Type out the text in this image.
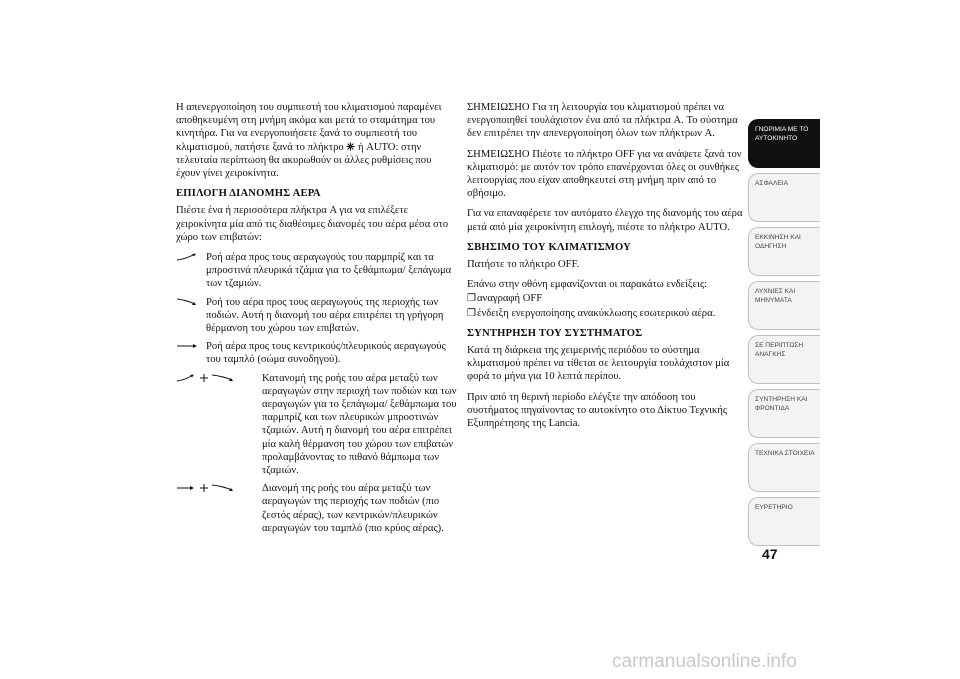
Η απενεργοποίηση του συμπιεστή του κλιματισμού παραμένει αποθηκευμένη στη μνήμη ακόμα και μετά το σταμάτημα του κινητήρα. Για να ενεργοποιήσετε ξανά το συμπιεστή του κλιματισμού, πατήστε ξανά το πλήκτρο ή AUTO: στην τελευταία περίπτωση θα ακυρωθούν οι άλλες ρυθμίσεις που έχουν γίνει χειροκίνητα.

ΕΠΙΛΟΓΗ ΔΙΑΝΟΜΗΣ ΑΕΡΑ

Πιέστε ένα ή περισσότερα πλήκτρα A για να επιλέξετε χειροκίνητα μία από τις διαθέσιμες διανομές του αέρα μέσα στο χώρο των επιβατών:

Ροή αέρα προς τους αεραγωγούς του παρμπρίζ και τα μπροστινά πλευρικά τζάμια για το ξεθάμπωμα/ ξεπάγωμα των τζαμιών.
Ροή του αέρα προς τους αεραγωγούς της περιοχής των ποδιών. Αυτή η διανομή του αέρα επιτρέπει τη γρήγορη θέρμανση του χώρου των επιβατών.
Ροή αέρα προς τους κεντρικούς/πλευρικούς αεραγωγούς του ταμπλό (σώμα συνοδηγού).
Κατανομή της ροής του αέρα μεταξύ των αεραγωγών στην περιοχή των ποδιών και των αεραγωγών για το ξεπάγωμα/ ξεθάμπωμα του παρμπρίζ και των πλευρικών μπροστινών τζαμιών. Αυτή η διανομή του αέρα επιτρέπει μία καλή θέρμανση του χώρου των επιβατών προλαμβάνοντας το πιθανό θάμπωμα των τζαμιών.
Διανομή της ροής του αέρα μεταξύ των αεραγωγών της περιοχής των ποδιών (πιο ζεστός αέρας), των κεντρικών/πλευρικών αεραγωγών του ταμπλό (πιο κρύος αέρας).

ΣΗΜΕΙΩΣΗΟ Για τη λειτουργία του κλιματισμού πρέπει να ενεργοποιηθεί τουλάχιστον ένα από τα πλήκτρα A. Το σύστημα δεν επιτρέπει την απενεργοποίηση όλων των πλήκτρων A.

ΣΗΜΕΙΩΣΗΟ Πιέστε το πλήκτρο OFF για να ανάψετε ξανά τον κλιματισμό: με αυτόν τον τρόπο επανέρχονται όλες οι συνθήκες λειτουργίας που είχαν αποθηκευτεί στη μνήμη πριν από το σβήσιμο.

Για να επαναφέρετε τον αυτόματο έλεγχο της διανομής του αέρα μετά από μία χειροκίνητη επιλογή, πιέστε το πλήκτρο AUTO.

ΣΒΗΣΙΜΟ ΤΟΥ ΚΛΙΜΑΤΙΣΜΟΥ

Πατήστε το πλήκτρο OFF.

Επάνω στην οθόνη εμφανίζονται οι παρακάτω ενδείξεις:

❒ αναγραφή OFF
❒ ένδειξη ενεργοποίησης ανακύκλωσης εσωτερικού αέρα.
ΣΥΝΤΗΡΗΣΗ ΤΟΥ ΣΥΣΤΗΜΑΤΟΣ

Κατά τη διάρκεια της χειμερινής περιόδου το σύστημα κλιματισμού πρέπει να τίθεται σε λειτουργία τουλάχιστον μία φορά το μήνα για 10 λεπτά περίπου.

Πριν από τη θερινή περίοδο ελέγξτε την απόδοση του συστήματος πηγαίνοντας το αυτοκίνητο στο Δίκτυο Τεχνικής Εξυπηρέτησης της Lancia.

ΓΝΩΡΙΜΙΑ ΜΕ ΤΟ ΑΥΤΟΚΙΝΗΤΟ
ΑΣΦΑΛΕΙΑ
ΕΚΚΙΝΗΣΗ ΚΑΙ ΟΔΗΓΗΣΗ
ΛΥΧΝΙΕΣ ΚΑΙ ΜΗΝΥΜΑΤΑ
ΣΕ ΠΕΡΙΠΤΩΣΗ ΑΝΑΓΚΗΣ
ΣΥΝΤΗΡΗΣΗ ΚΑΙ ΦΡΟΝΤΙΔΑ
ΤΕΧΝΙΚΑ ΣΤΟΙΧΕΙΑ
ΕΥΡΕΤΗΡΙΟ
47
carmanualsonline.info
